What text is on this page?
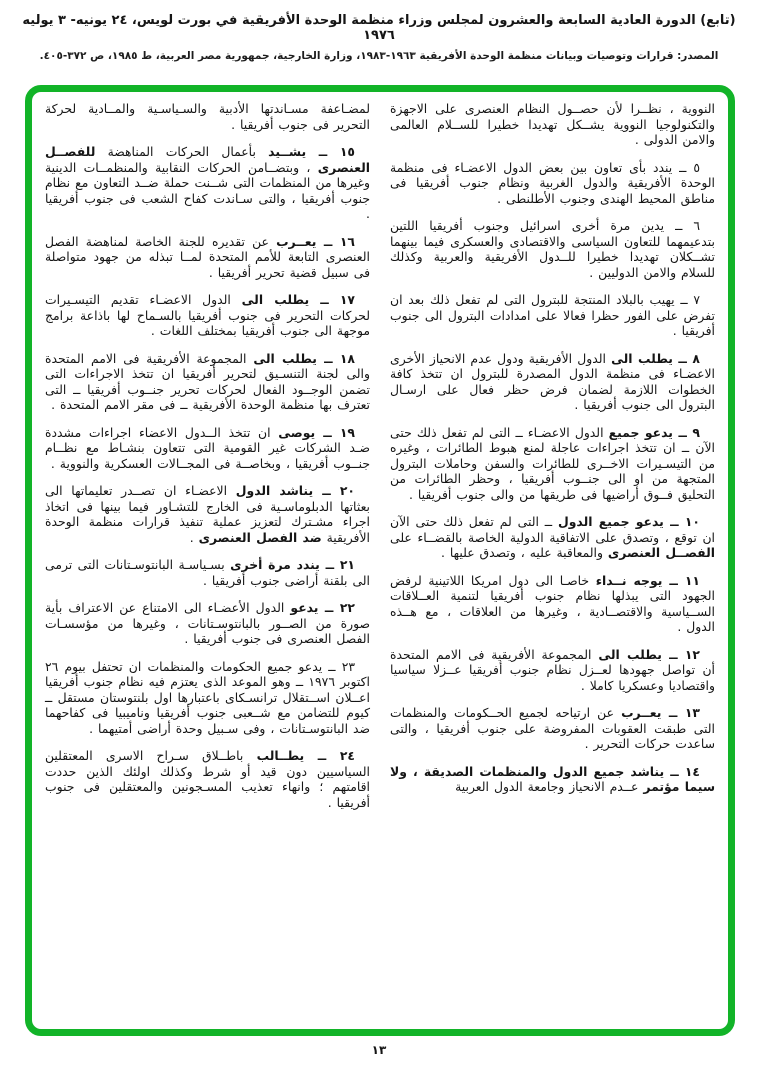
(تابع) الدورة العادية السابعة والعشرون لمجلس وزراء منظمة الوحدة الأفريقية في بورت لويس، ٢٤ يونيه- ٣ يوليه ١٩٧٦
المصدر: قرارات وتوصيات وبيانات منظمة الوحدة الأفريقية ١٩٦٣-١٩٨٣، وزارة الخارجية، جمهورية مصر العربية، ط ١٩٨٥، ص ٣٧٢-٤٠٥.

النووية ، نظــرا لأن حصــول النظام العنصرى على الاجهزة والتكنولوجيا النووية يشــكل تهديدا خطيرا للســلام العالمى والامن الدولى .

٥ ــ يندد بأى تعاون بين بعض الدول الاعضـاء فى منظمة الوحدة الأفريقية والدول الغربية ونظام جنوب أفريقيا فى مناطق المحيط الهندى وجنوب الأطلنطى .

٦ ــ يدين مرة أخرى اسرائيل وجنوب أفريقيا اللتين بتدعيمهما للتعاون السياسى والاقتصادى والعسكرى فيما بينهما تشــكلان تهديدا خطيرا للــدول الأفريقية والعربية وكذلك للسلام والامن الدوليين .

٧ ــ يهيب بالبلاد المنتجة للبترول التى لم تفعل ذلك بعد ان تفرض على الفور حظرا فعالا على امدادات البترول الى جنوب أفريقيا .

٨ ــ يطلب الى الدول الأفريقية ودول عدم الانحياز الأخرى الاعضـاء فى منظمة الدول المصدرة للبترول ان تتخذ كافة الخطوات اللازمة لضمان فرض حظر فعال على ارسـال البترول الى جنوب أفريقيا .

٩ ــ يدعو جميع الدول الاعضـاء ــ التى لم تفعل ذلك حتى الآن ــ ان تتخذ اجراءات عاجلة لمنع هبوط الطائرات ، وغيره من التيسـيرات الاخــرى للطائرات والسفن وحاملات البترول المتجهة من او الى جنــوب أفريقيا ، وحظر الطائرات من التحليق فــوق أراضيها فى طريقها من والى جنوب أفريقيا .

١٠ ــ يدعو جميع الدول ــ التى لم تفعل ذلك حتى الآن ان توقع ، وتصدق على الاتفاقية الدولية الخاصة بالقضــاء على الفصــل العنصرى والمعاقبة عليه ، وتصدق عليها .

١١ ــ يوجه نــداء خاصـا الى دول امريكا اللاتينية لرفض الجهود التى يبذلها نظام جنوب أفريقيا لتنمية العــلاقات الســياسية والاقتصــادية ، وغيرها من العلاقات ، مع هــذه الدول .

١٢ ــ يطلب الى المجموعة الأفريقية فى الامم المتحدة أن تواصل جهودها لعــزل نظام جنوب أفريقيا عــزلا سياسيا واقتصاديا وعسكريا كاملا .

١٣ ــ يعــرب عن ارتياحه لجميع الحــكومات والمنظمات التى طبقت العقوبات المفروضة على جنوب أفريقيا ، والتى ساعدت حركات التحرير .

١٤ ــ يناشد جميع الدول والمنظمات الصديقة ، ولا سيما مؤتمر عــدم الانحياز وجامعة الدول العربية

لمضـاعفة مسـاندتها الأدبية والسـياسـية والمــادية لحركة التحرير فى جنوب أفريقيا .

١٥ ــ يشــيد بأعمال الحركات المناهضة للفصــل العنصرى ، وبتضــامن الحركات النقابية والمنظمــات الدينية وغيرها من المنظمات التى شــنت حملة ضــد التعاون مع نظام جنوب أفريقيا ، والتى سـاندت كفاح الشعب فى جنوب أفريقيا .

١٦ ــ يعــرب عن تقديره للجنة الخاصة لمناهضة الفصل العنصرى التابعة للأمم المتحدة لمــا تبذله من جهود متواصلة فى سبيل قضية تحرير أفريقيا .

١٧ ــ يطلب الى الدول الاعضـاء تقديم التيسـيرات لحركات التحرير فى جنوب أفريقيا بالسـماح لها باذاعة برامج موجهة الى جنوب أفريقيا بمختلف اللغات .

١٨ ــ يطلب الى المجموعة الأفريقية فى الامم المتحدة والى لجنة التنسـيق لتحرير أفريقيا ان تتخذ الاجراءات التى تضمن الوجــود الفعال لحركات تحرير جنــوب أفريقيا ــ التى تعترف بها منظمة الوحدة الأفريقية ــ فى مقر الامم المتحدة .

١٩ ــ يوصى ان تتخذ الــدول الاعضاء اجراءات مشددة ضـد الشركات غير القومية التى تتعاون بنشـاط مع نظــام جنــوب أفريقيا ، وبخاصــة فى المجــالات العسكرية والنووية .

٢٠ ــ يناشد الدول الاعضـاء ان تصــدر تعليماتها الى بعثاتها الدبلوماسـية فى الخارج للتشـاور فيما بينها فى اتخاذ اجراء مشـترك لتعزيز عملية تنفيذ قرارات منظمة الوحدة الأفريقية ضد الفصل العنصرى .

٢١ ــ يندد مرة أخرى بسـياسـة البانتوسـتانات التى ترمى الى بلقنة أراضى جنوب أفريقيا .

٢٢ ــ يدعو الدول الأعضـاء الى الامتناع عن الاعتراف بأية صورة من الصــور بالبانتوسـتانات ، وغيرها من مؤسسـات الفصل العنصرى فى جنوب أفريقيا .

٢٣ ــ يدعو جميع الحكومات والمنظمات ان تحتفل بيوم ٢٦ اكتوبر ١٩٧٦ ــ وهو الموعد الذى يعتزم فيه نظام جنوب أفريقيا اعــلان اســتقلال ترانسـكاى باعتبارها اول بلنتوستان مستقل ــ كيوم للتضامن مع شــعبى جنوب أفريقيا وناميبيا فى كفاحهما ضد البانتوسـتانات ، وفى سـبيل وحدة أراضى أمتيهما .

٢٤ ــ يطــالب باطــلاق سـراح الاسرى المعتقلين السياسيين دون قيد أو شرط وكذلك اولئك الذين حددت اقامتهم ؛ وانهاء تعذيب المسـجونين والمعتقلين فى جنوب أفريقيا .

١٣
